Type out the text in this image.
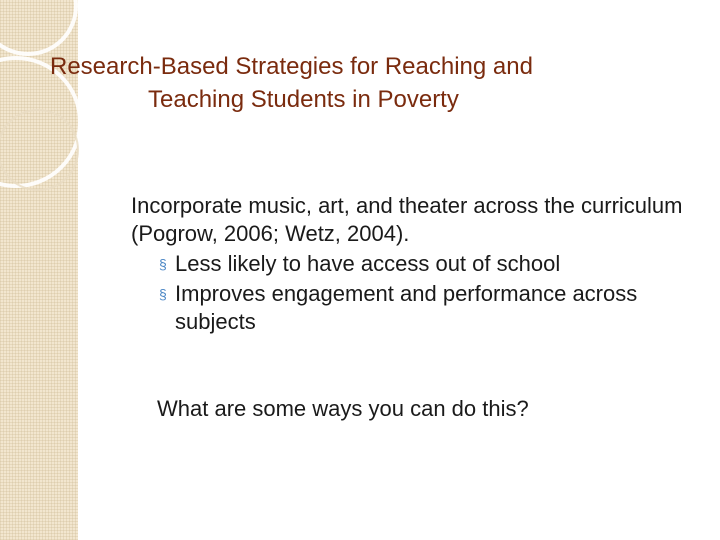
Research-Based Strategies for Reaching and
Teaching Students in Poverty
Incorporate music, art, and theater across the curriculum (Pogrow, 2006; Wetz, 2004).
§ Less likely to have access out of school
§ Improves engagement and performance across subjects
What are some ways you can do this?
